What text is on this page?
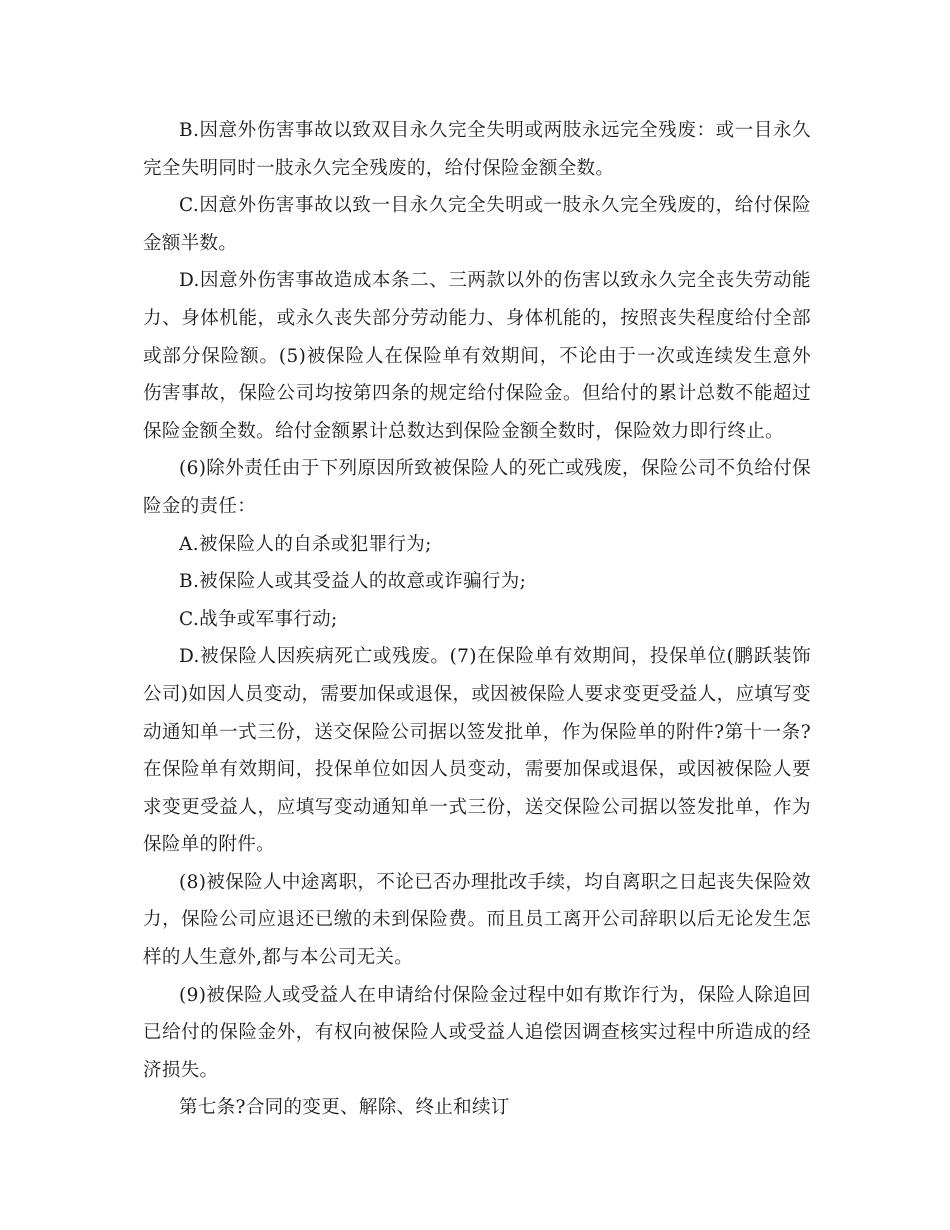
B.因意外伤害事故以致双目永久完全失明或两肢永远完全残废：或一目永久完全失明同时一肢永久完全残废的，给付保险金额全数。

C.因意外伤害事故以致一目永久完全失明或一肢永久完全残废的，给付保险金额半数。

D.因意外伤害事故造成本条二、三两款以外的伤害以致永久完全丧失劳动能力、身体机能，或永久丧失部分劳动能力、身体机能的，按照丧失程度给付全部或部分保险额。(5)被保险人在保险单有效期间，不论由于一次或连续发生意外伤害事故，保险公司均按第四条的规定给付保险金。但给付的累计总数不能超过保险金额全数。给付金额累计总数达到保险金额全数时，保险效力即行终止。

(6)除外责任由于下列原因所致被保险人的死亡或残废，保险公司不负给付保险金的责任：

A.被保险人的自杀或犯罪行为;

B.被保险人或其受益人的故意或诈骗行为;

C.战争或军事行动;

D.被保险人因疾病死亡或残废。(7)在保险单有效期间，投保单位(鹏跃装饰公司)如因人员变动，需要加保或退保，或因被保险人要求变更受益人，应填写变动通知单一式三份，送交保险公司据以签发批单，作为保险单的附件?第十一条?在保险单有效期间，投保单位如因人员变动，需要加保或退保，或因被保险人要求变更受益人，应填写变动通知单一式三份，送交保险公司据以签发批单，作为保险单的附件。

(8)被保险人中途离职，不论已否办理批改手续，均自离职之日起丧失保险效力，保险公司应退还已缴的未到保险费。而且员工离开公司辞职以后无论发生怎样的人生意外,都与本公司无关。

(9)被保险人或受益人在申请给付保险金过程中如有欺诈行为，保险人除追回已给付的保险金外，有权向被保险人或受益人追偿因调查核实过程中所造成的经济损失。

第七条?合同的变更、解除、终止和续订
